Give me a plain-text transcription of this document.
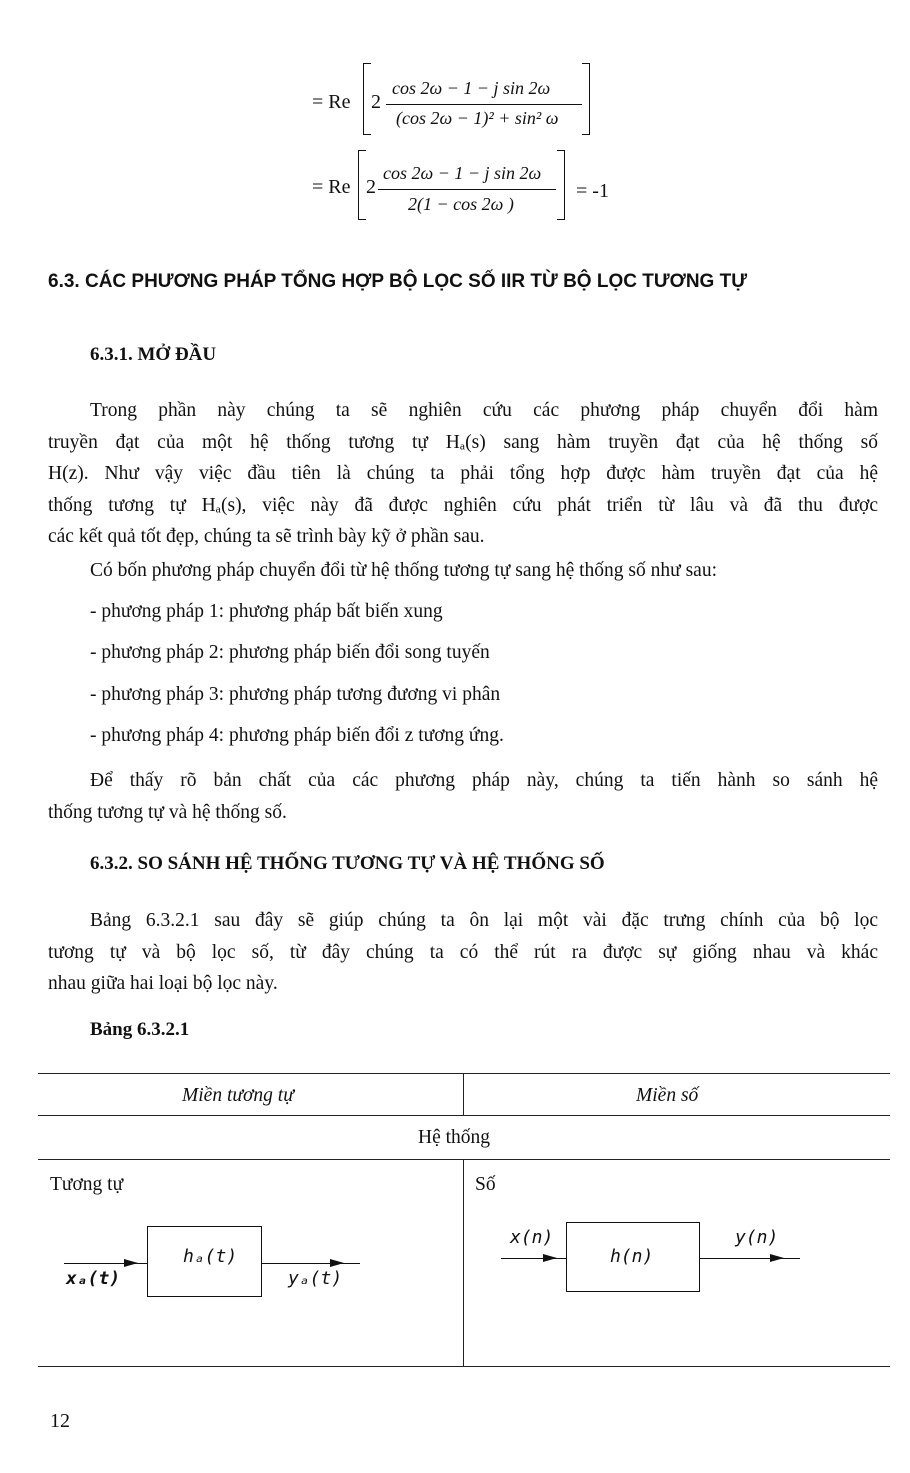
= Re 2
cos 2ω − 1 − j sin 2ω
(cos 2ω − 1)² + sin² ω
= Re 2
cos 2ω − 1 − j sin 2ω
2(1 − cos 2ω )
= -1
6.3. CÁC PHƯƠNG PHÁP TỔNG HỢP BỘ LỌC SỐ IIR TỪ BỘ LỌC TƯƠNG TỰ
6.3.1. MỞ ĐẦU
Trong phần này chúng ta sẽ nghiên cứu các phương pháp chuyển đổi hàm
truyền đạt của một hệ thống tương tự Hₐ(s) sang hàm truyền đạt của hệ thống số
H(z). Như vậy việc đầu tiên là chúng ta phải tổng hợp được hàm truyền đạt của hệ
thống tương tự Hₐ(s), việc này đã được nghiên cứu phát triển từ lâu và đã thu được
các kết quả tốt đẹp, chúng ta sẽ trình bày kỹ ở phần sau.
Có bốn phương pháp chuyển đổi từ hệ thống tương tự sang hệ thống số như sau:
- phương pháp 1: phương pháp bất biến xung
- phương pháp 2: phương pháp biến đổi song tuyến
- phương pháp 3: phương pháp tương đương vi phân
- phương pháp 4: phương pháp biến đổi z tương ứng.
Để thấy rõ bản chất của các phương pháp này, chúng ta tiến hành so sánh hệ
thống tương tự và hệ thống số.
6.3.2. SO SÁNH HỆ THỐNG TƯƠNG TỰ VÀ HỆ THỐNG SỐ
Bảng 6.3.2.1 sau đây sẽ giúp chúng ta ôn lại một vài đặc trưng chính của bộ lọc
tương tự và bộ lọc số, từ đây chúng ta có thể rút ra được sự giống nhau và khác
nhau giữa hai loại bộ lọc này.
Bảng 6.3.2.1
Miền tương tự	Miền số
Hệ thống
Tương tự	Số
hₐ(t)
xₐ(t)	yₐ(t)
x(n)
h(n)
y(n)
12
